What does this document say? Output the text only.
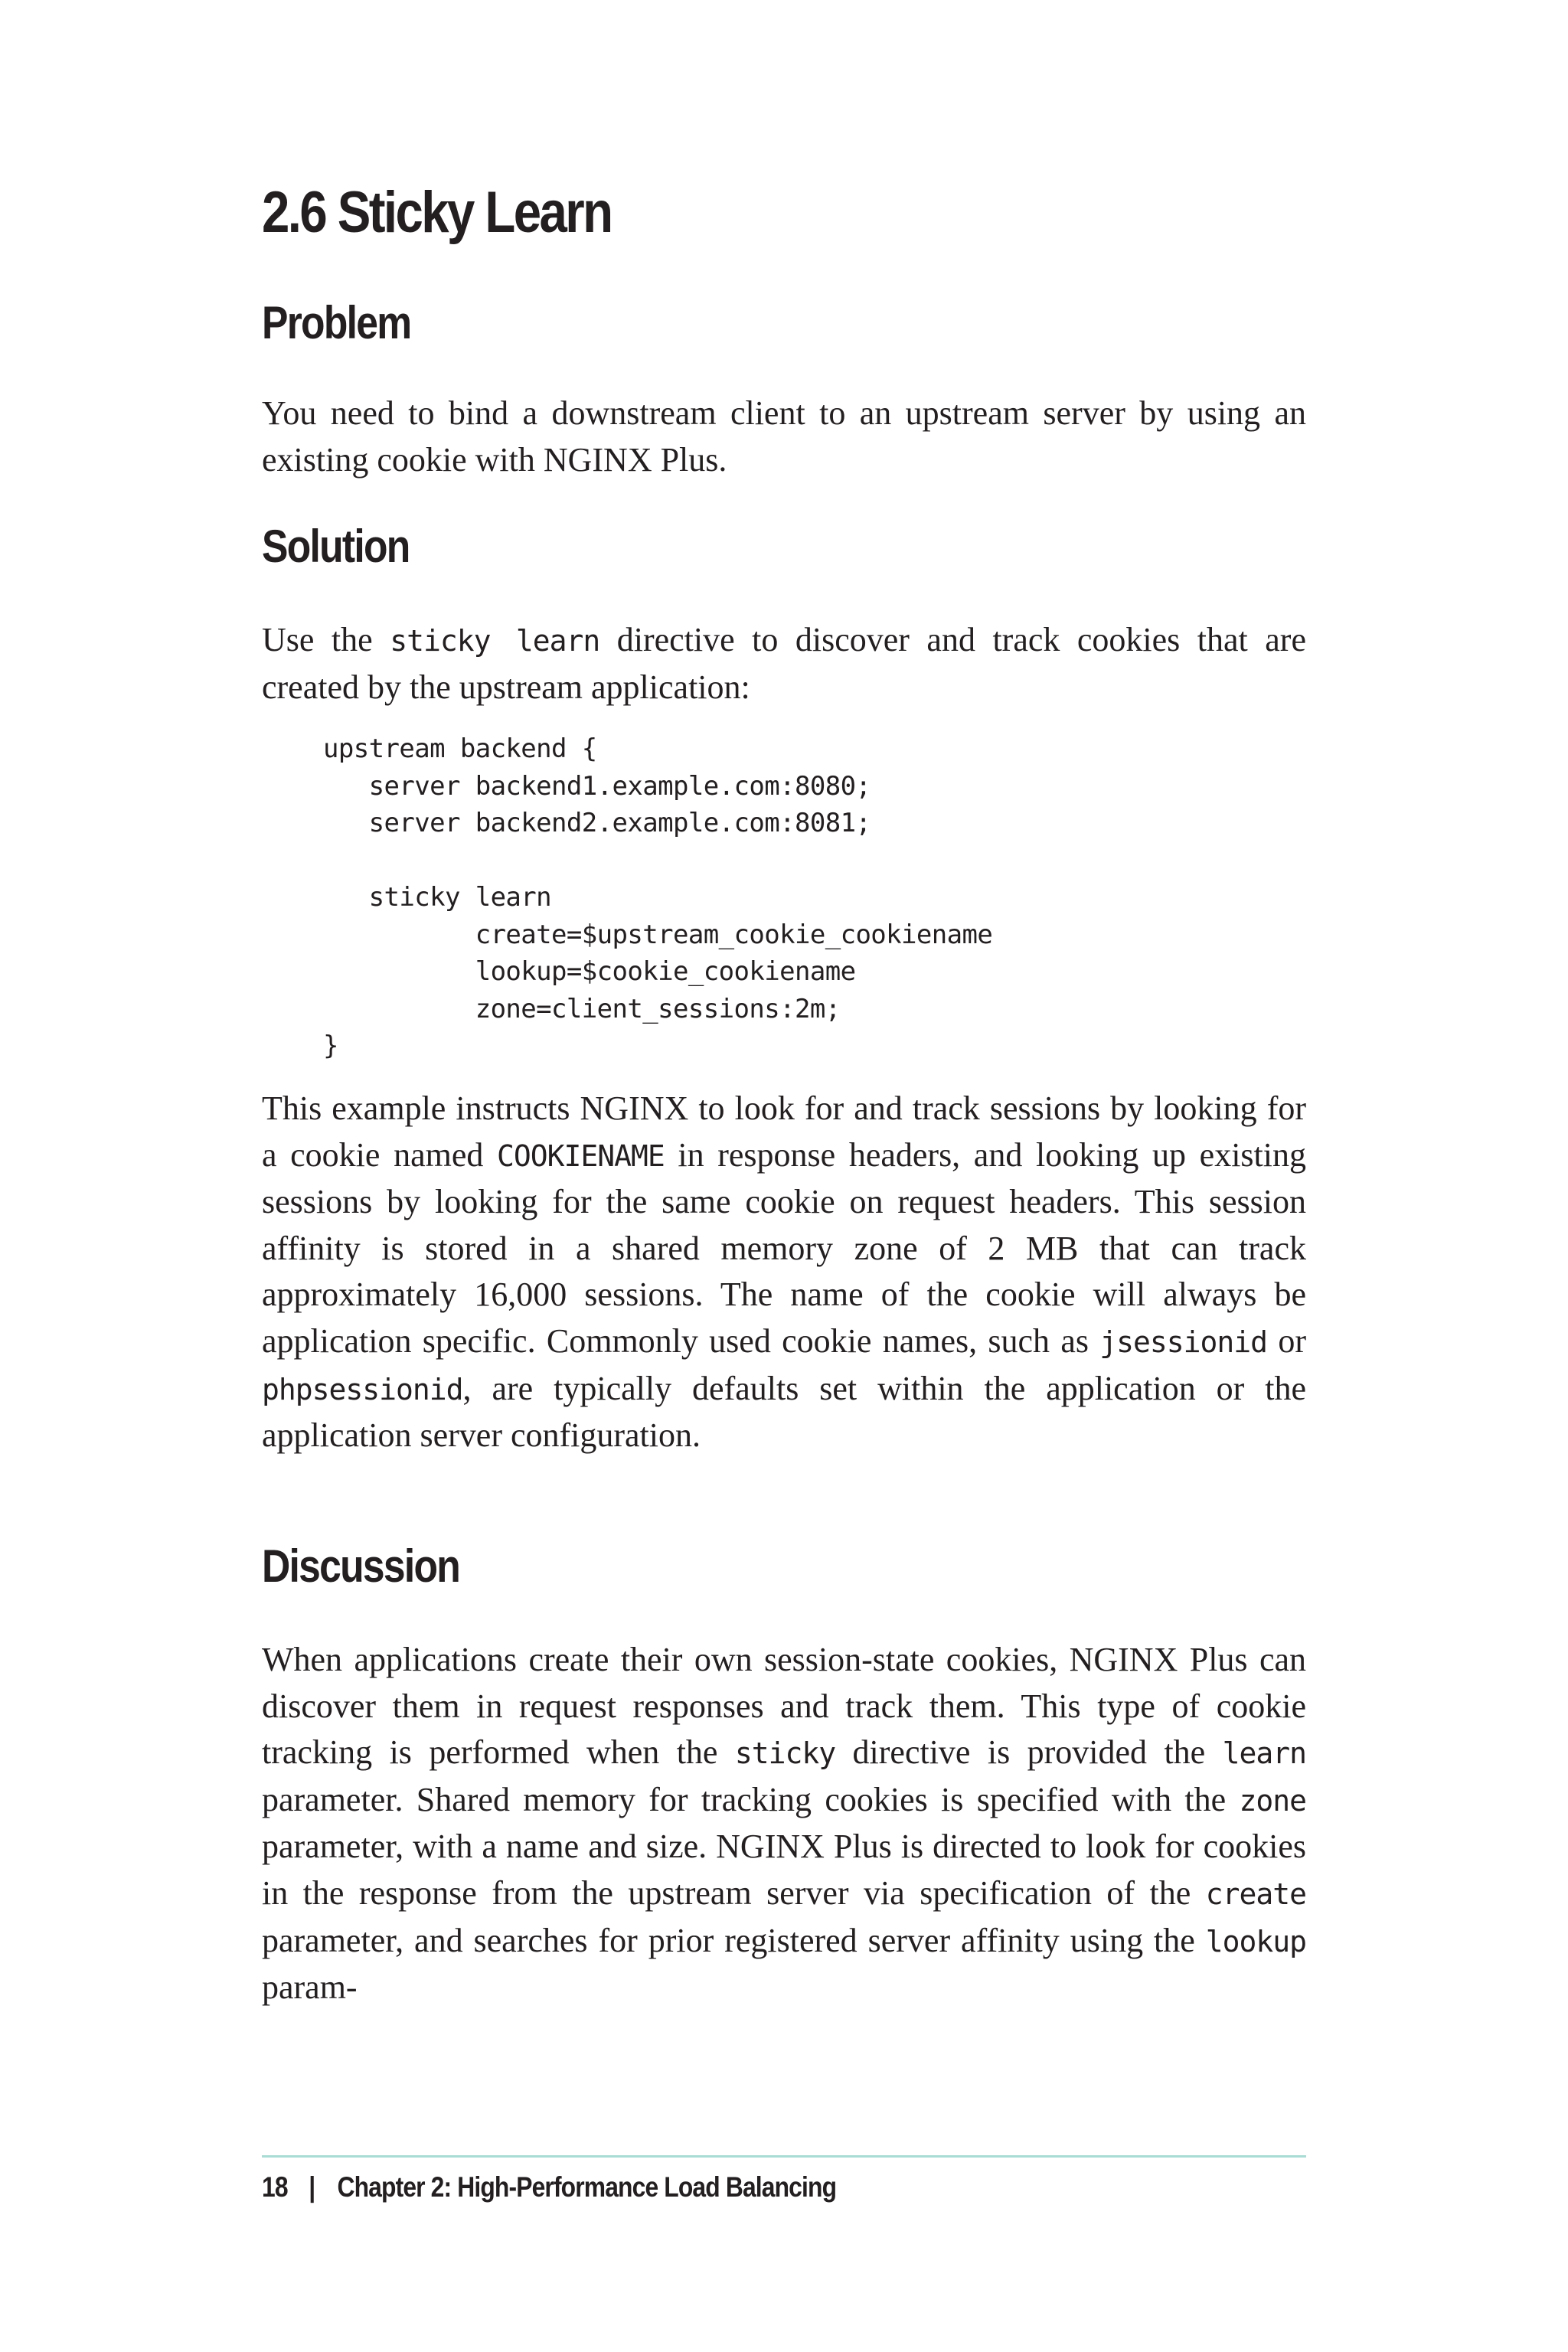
2.6 Sticky Learn
Problem

You need to bind a downstream client to an upstream server by using an existing cookie with NGINX Plus.

Solution

Use the sticky learn directive to discover and track cookies that are created by the upstream application:

upstream backend {
server backend1.example.com:8080;
server backend2.example.com:8081;

sticky learn
create=$upstream_cookie_cookiename
lookup=$cookie_cookiename
zone=client_sessions:2m;
}

This example instructs NGINX to look for and track sessions by looking for a cookie named COOKIENAME in response headers, and looking up existing sessions by looking for the same cookie on request headers. This session affinity is stored in a shared memory zone of 2 MB that can track approximately 16,000 sessions. The name of the cookie will always be application specific. Commonly used cookie names, such as jsessionid or phpsessionid, are typically defaults set within the application or the application server configuration.

Discussion

When applications create their own session-state cookies, NGINX Plus can discover them in request responses and track them. This type of cookie tracking is performed when the sticky directive is provided the learn parameter. Shared memory for tracking cookies is specified with the zone parameter, with a name and size. NGINX Plus is directed to look for cookies in the response from the upstream server via specification of the create parameter, and searches for prior registered server affinity using the lookup param-

18 | Chapter 2: High-Performance Load Balancing
